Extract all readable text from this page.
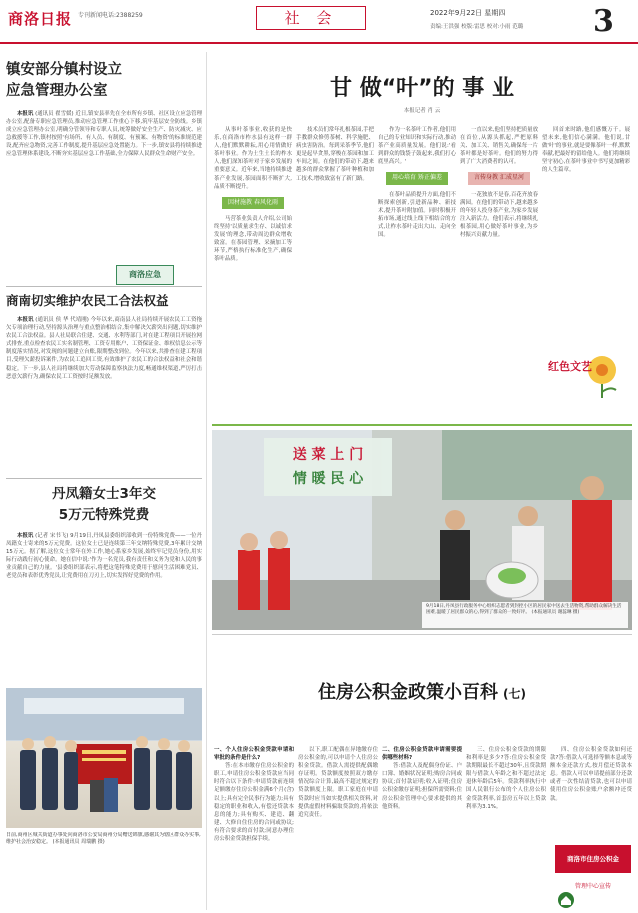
商洛日报 专刊新闻电话:2388259	社 会	2022年9月22日 星期四
责编:王洪强 校版:雷思 校对:小雨 范璐 3
镇安部分镇村设立
应急管理办公室

本报讯 (通讯员 翟雪媛) 近日,镇安县率先在全市所有乡镇、社区设立应急管理办公室,配备专职应急管理员,推动应急管理工作重心下移,筑牢基层安全防线。乡镇成立应急管理办公室,明确分管领导和专职人员,统筹做好安全生产、防灾减灾、应急救援等工作,镇村按照'有场所、有人员、有制度、有预案、有物资'的标准规范建设,配齐应急物资,完善工作制度,提升基层应急处置能力。下一步,镇安县将持续推进应急管理体系建设,不断夯实基层应急工作基础,全力保障人民群众生命财产安全。

商洛应急
商南切实维护农民工合法权益

本报讯 (通讯员 侯 华 代靖刚) 今年以来,商南县人社局持续开展农民工工资拖欠专项治理行动,坚持源头治理与重点整治相结合,集中解决欠薪突出问题,切实维护农民工合法权益。县人社局联合住建、交通、水利等部门,对在建工程项目开展拉网式排查,重点检查农民工实名制管理、工资专用账户、工资保证金、维权信息公示等制度落实情况,对发现的问题建立台账,限期整改到位。今年以来,共排查在建工程项目,受理欠薪投诉案件,为农民工追回工资,有效维护了农民工的合法权益和社会和谐稳定。下一步,县人社局将继续加大劳动保障监察执法力度,畅通维权渠道,严厉打击恶意欠薪行为,确保农民工工资按时足额发放。

丹凤籍女士3年交
5万元特殊党费

本报讯 (记者 宋书飞) 9月19日,丹凤县委组织部收到一份特殊党费——一位丹凤籍女士寄来的5万元党费。这位女士已是连续第三年交纳特殊党费,3年累计交纳15万元。据了解,这位女士常年在外工作,她心系家乡发展,始终牢记党员身份,用实际行动践行初心使命。她在信中说:'作为一名党员,我有责任和义务为党和人民的事业贡献自己的力量。'县委组织部表示,将把这笔特殊党费用于慰问生活困难党员、老党员和表彰优秀党员,让党费用在刀刃上,切实发挥好党费的作用。

日前,商州区城关街道办事处向商洛市公安局商州分局赠送锦旗,感谢其为辖区群众办实事,维护社会治安稳定。 (本报通讯员 周瑞鹏 摄)
甘 做“叶”的 事 业
本报记者 肖 云

从事叶茶事业,收获的是快乐,在商洛市柞水县有这样一群人,他们默默耕耘,用心用情做好茶叶事业。作为土生土长的柞水人,他们深知茶叶对于家乡发展的重要意义。近年来,当地持续推进茶产业发展,茶园面积不断扩大,品质不断提升。

因材施教 春风化雨

马营茶业负责人介绍,公司始终坚持'以质量求生存、以诚信求发展'的理念,带动周边群众增收致富。在茶园管理、采摘加工等环节,严格执行标准化生产,确保茶叶品质。

技术员们常年扎根茶园,手把手教群众修剪茶树、科学施肥、病虫害防治。每到采茶季节,他们更是起早贪黑,穿梭在茶园和加工车间之间。在他们的带动下,越来越多的群众掌握了茶叶种植和加工技术,增收致富有了新门路。

作为一名茶叶工作者,他们用自己的专业知识和实际行动,推动茶产业高质量发展。他们说:'看到群众的钱袋子鼓起来,我们打心底里高兴。'

用心培育 矫正偏差

在茶叶品质提升方面,他们不断探索创新,引进新品种、新技术,提升茶叶附加值。同时积极开拓市场,通过线上线下相结合的方式,让柞水茶叶走出大山、走向全国。

一直以来,他们坚持把质量放在首位,从源头抓起,严把原料关、加工关、销售关,确保每一片茶叶都是好茶叶。他们的努力得到了广大消费者的认可。

言传身教 汇成星河

一花独放不是春,百花齐放春满园。在他们的带动下,越来越多的年轻人投身茶产业,为家乡发展注入新活力。他们表示,将继续扎根茶园,用心做好茶叶事业,为乡村振兴贡献力量。

回首来时路,他们感慨万千。展望未来,他们信心满满。他们说,甘做'叶'的事业,就是要像茶叶一样,默默奉献,把最好的留给他人。他们将继续坚守初心,在茶叶事业中书写更加精彩的人生篇章。

红色文艺
送 菜 上 门
情 暖 民 心
9月18日,丹凤县行政服务中心组织志愿者到封控小区的居民家中送去生活物资,帮助群众解决生活困难,温暖了居民群众的心,得到了群众的一致好评。 (本报通讯员 谢蕊琳 摄)
住房公积金政策小百科 (七)

一、个人住房公积金贷款申请和审批的条件是什么?

答:在本市缴存住房公积金的职工,申请住房公积金贷款应当同时符合以下条件:申请贷款前连续足额缴存住房公积金满6个月(含)以上;具有完全民事行为能力;具有稳定的职业和收入,有偿还贷款本息的能力;具有购买、建造、翻建、大修自住住房的合同或协议;有符合要求的首付款;同意办理住房公积金贷款担保手续。

以下,职工配偶在异地缴存住房公积金的,可以申请个人住房公积金贷款。借款人需提供配偶缴存证明。贷款额度按照双方缴存情况综合计算,最高不超过规定的贷款额度上限。职工家庭在申请贷款时应当如实提供相关资料,对提供虚假材料骗取贷款的,将依法追究责任。

二、住房公积金贷款申请需要提供哪些材料?

答:借款人及配偶身份证、户口簿、婚姻状况证明;购房合同或协议;首付款证明;收入证明;住房公积金缴存证明;担保所需资料;住房公积金管理中心要求提供的其他资料。

三、住房公积金贷款的期限和利率是多少?答:住房公积金贷款期限最长不超过30年,且贷款期限与借款人年龄之和不超过法定退休年龄后5年。贷款利率执行中国人民银行公布的个人住房公积金贷款利率,首套房五年以上贷款利率为3.1%。

四、住房公积金贷款如何还款?答:借款人可选择等额本息或等额本金还款方式,按月偿还贷款本息。借款人可以申请提前部分还款或者一次性结清贷款,也可以申请使用住房公积金账户余额冲还贷款。

商洛市住房公积金
管理中心宣传
